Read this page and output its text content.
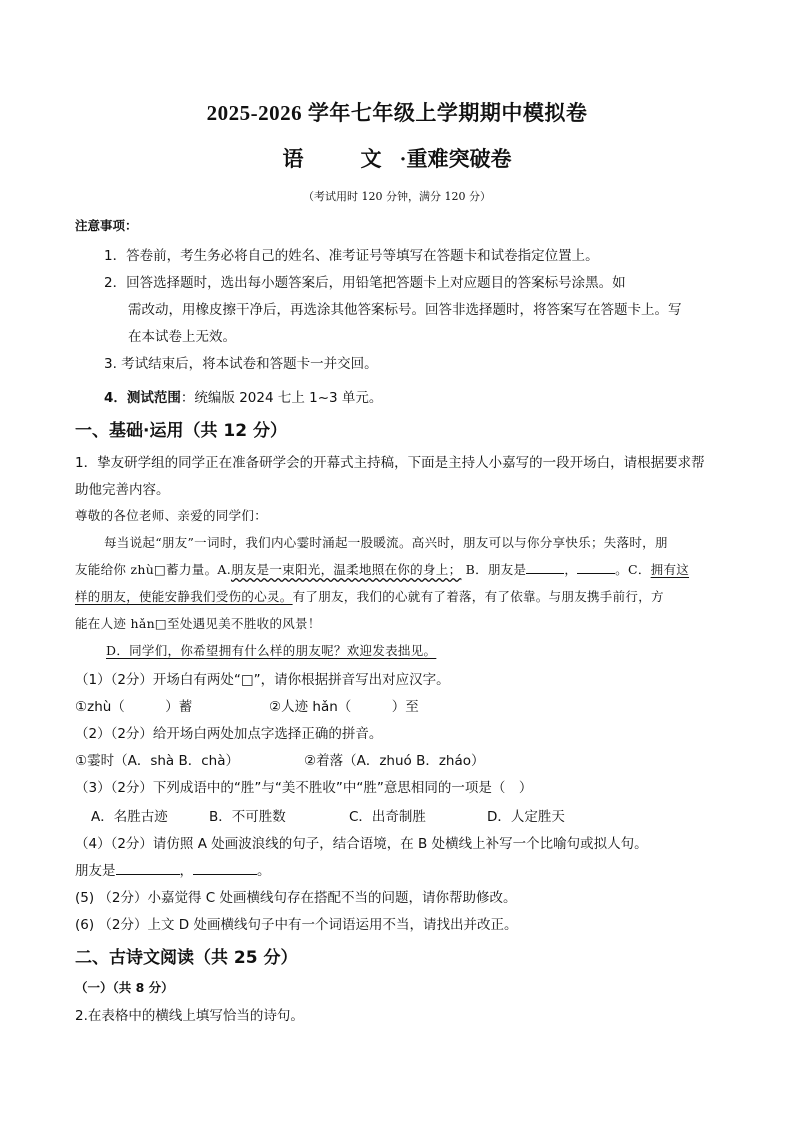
2025-2026 学年七年级上学期期中模拟卷
语　文·重难突破卷
（考试用时 120 分钟，满分 120 分）
注意事项：
1．答卷前，考生务必将自己的姓名、准考证号等填写在答题卡和试卷指定位置上。
2．回答选择题时，选出每小题答案后，用铅笔把答题卡上对应题目的答案标号涂黑。如
需改动，用橡皮擦干净后，再选涂其他答案标号。回答非选择题时，将答案写在答题卡上。写
在本试卷上无效。
3. 考试结束后，将本试卷和答题卡一并交回。
4．测试范围：统编版 2024 七上 1~3 单元。
一、基础·运用（共 12 分）
1．挚友研学组的同学正在准备研学会的开幕式主持稿，下面是主持人小嘉写的一段开场白，请根据要求帮
助他完善内容。
尊敬的各位老师、亲爱的同学们：
每当说起“朋友”一词时，我们内心霎时涌起一股暖流。高兴时，朋友可以与你分享快乐；失落时，朋
友能给你 zhù□蓄力量。A.朋友是一束阳光，温柔地照在你的身上； B．朋友是	，	。C．拥有这
样的朋友，使能安静我们受伤的心灵。有了朋友，我们的心就有了着落，有了依靠。与朋友携手前行，方
能在人迹 hǎn□至处遇见美不胜收的风景！
D．同学们，你希望拥有什么样的朋友呢？欢迎发表拙见。
（1）（2分）开场白有两处“□”，请你根据拼音写出对应汉字。
①zhù（　　　）蓄	②人迹 hǎn（　　　）至
（2）（2分）给开场白两处加点字选择正确的拼音。
①霎时（A．shà B．chà）	②着落（A．zhuó B．zháo）
（3）（2分）下列成语中的“胜”与“美不胜收”中“胜”意思相同的一项是（　）
A．名胜古迹	B．不可胜数	C．出奇制胜	D．人定胜天
（4）（2分）请仿照 A 处画波浪线的句子，结合语境，在 B 处横线上补写一个比喻句或拟人句。
朋友是	，	。
(5) （2分）小嘉觉得 C 处画横线句存在搭配不当的问题，请你帮助修改。
(6) （2分）上文 D 处画横线句子中有一个词语运用不当，请找出并改正。
二、古诗文阅读（共 25 分）
（一）（共 8 分）
2.在表格中的横线上填写恰当的诗句。
